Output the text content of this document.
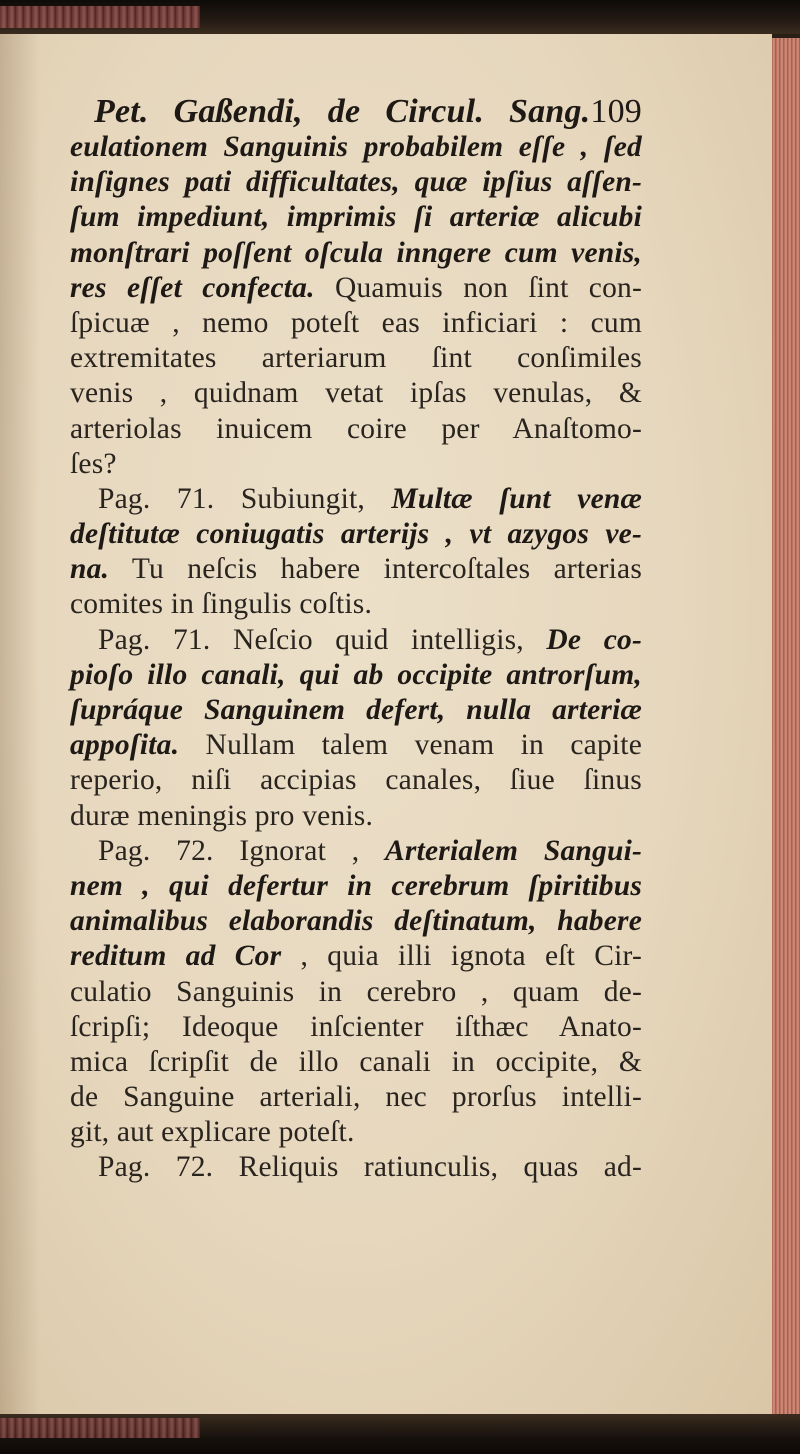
Pet. Gaßendi, de Circul. Sang.109
eulationem Sanguinis probabilem eſſe , ſed
inſignes pati difficultates, quæ ipſius aſſen-
ſum impediunt, imprimis ſi arteriæ alicubi
monſtrari poſſent oſcula inngere cum venis,
res eſſet confecta. Quamuis non ſint con-
ſpicuæ , nemo poteſt eas inficiari : cum
extremitates arteriarum ſint conſimiles
venis , quidnam vetat ipſas venulas, &
arteriolas inuicem coire per Anaſtomo-
ſes?
Pag. 71. Subiungit, Multæ ſunt venæ
deſtitutæ coniugatis arterijs , vt azygos ve-
na. Tu neſcis habere intercoſtales arterias
comites in ſingulis coſtis.
Pag. 71. Neſcio quid intelligis, De co-
pioſo illo canali, qui ab occipite antrorſum,
ſupráque Sanguinem defert, nulla arteriæ
appoſita. Nullam talem venam in capite
reperio, niſi accipias canales, ſiue ſinus
duræ meningis pro venis.
Pag. 72. Ignorat , Arterialem Sangui-
nem , qui defertur in cerebrum ſpiritibus
animalibus elaborandis deſtinatum, habere
reditum ad Cor , quia illi ignota eſt Cir-
culatio Sanguinis in cerebro , quam de-
ſcripſi; Ideoque inſcienter iſthæc Anato-
mica ſcripſit de illo canali in occipite, &
de Sanguine arteriali, nec prorſus intelli-
git, aut explicare poteſt.
Pag. 72. Reliquis ratiunculis, quas ad-
